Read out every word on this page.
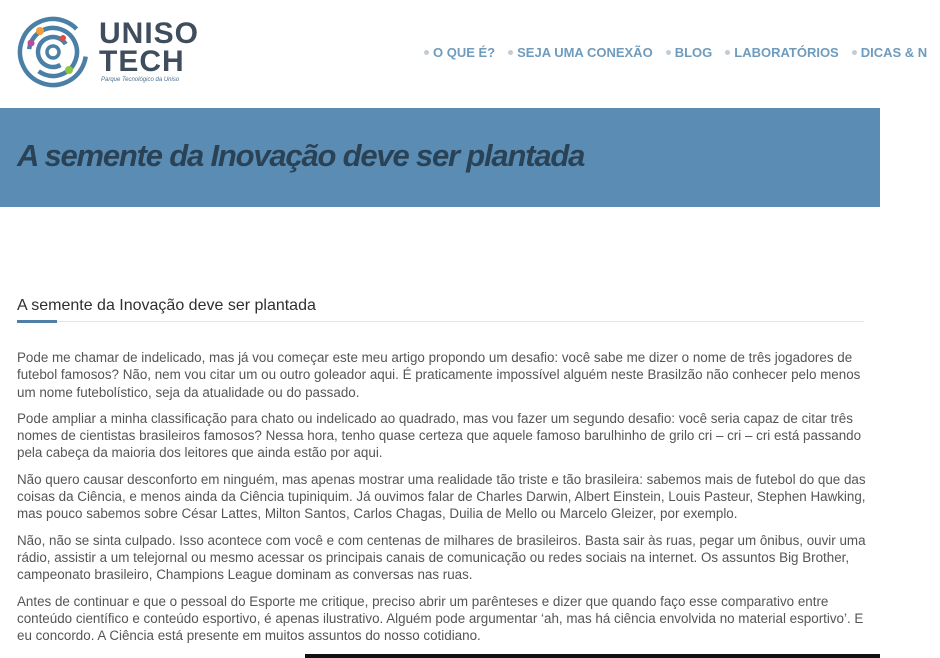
UNISO
TECH
Parque Tecnológico da Uniso
O QUE É? SEJA UMA CONEXÃO BLOG LABORATÓRIOS DICAS & N
A semente da Inovação deve ser plantada
A semente da Inovação deve ser plantada

Pode me chamar de indelicado, mas já vou começar este meu artigo propondo um desafio: você sabe me dizer o nome de três jogadores de futebol famosos? Não, nem vou citar um ou outro goleador aqui. É praticamente impossível alguém neste Brasilzão não conhecer pelo menos um nome futebolístico, seja da atualidade ou do passado.

Pode ampliar a minha classificação para chato ou indelicado ao quadrado, mas vou fazer um segundo desafio: você seria capaz de citar três nomes de cientistas brasileiros famosos? Nessa hora, tenho quase certeza que aquele famoso barulhinho de grilo cri – cri – cri está passando pela cabeça da maioria dos leitores que ainda estão por aqui.

Não quero causar desconforto em ninguém, mas apenas mostrar uma realidade tão triste e tão brasileira: sabemos mais de futebol do que das coisas da Ciência, e menos ainda da Ciência tupiniquim. Já ouvimos falar de Charles Darwin, Albert Einstein, Louis Pasteur, Stephen Hawking, mas pouco sabemos sobre César Lattes, Milton Santos, Carlos Chagas, Duilia de Mello ou Marcelo Gleizer, por exemplo.

Não, não se sinta culpado. Isso acontece com você e com centenas de milhares de brasileiros. Basta sair às ruas, pegar um ônibus, ouvir uma rádio, assistir a um telejornal ou mesmo acessar os principais canais de comunicação ou redes sociais na internet. Os assuntos Big Brother, campeonato brasileiro, Champions League dominam as conversas nas ruas.

Antes de continuar e que o pessoal do Esporte me critique, preciso abrir um parênteses e dizer que quando faço esse comparativo entre conteúdo científico e conteúdo esportivo, é apenas ilustrativo. Alguém pode argumentar ‘ah, mas há ciência envolvida no material esportivo’. E eu concordo. A Ciência está presente em muitos assuntos do nosso cotidiano.
